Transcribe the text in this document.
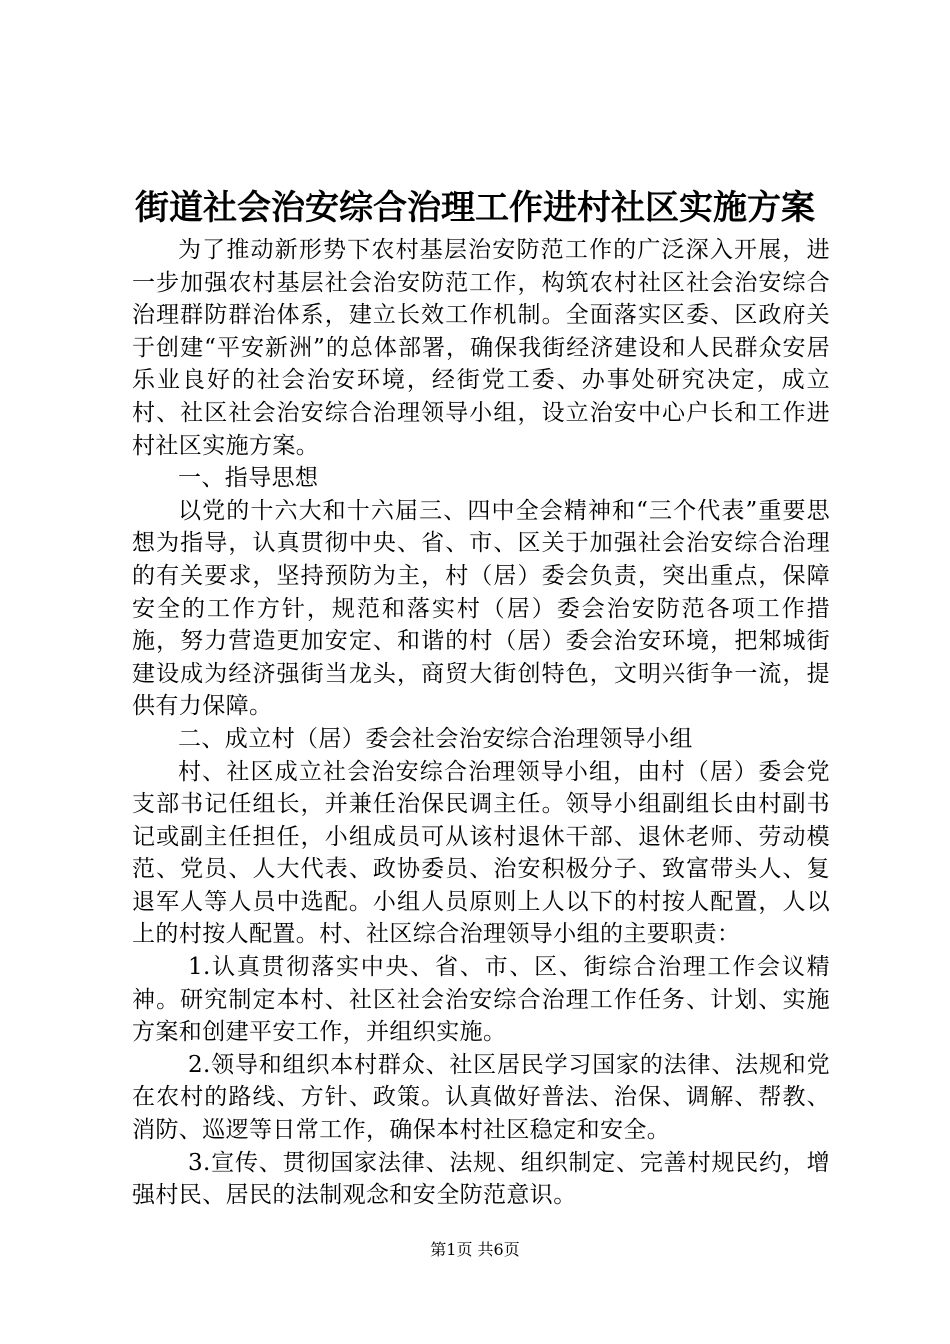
街道社会治安综合治理工作进村社区实施方案

为了推动新形势下农村基层治安防范工作的广泛深入开展，进一步加强农村基层社会治安防范工作，构筑农村社区社会治安综合治理群防群治体系，建立长效工作机制。全面落实区委、区政府关于创建“平安新洲”的总体部署，确保我街经济建设和人民群众安居乐业良好的社会治安环境，经街党工委、办事处研究决定，成立村、社区社会治安综合治理领导小组，设立治安中心户长和工作进村社区实施方案。

一、指导思想

以党的十六大和十六届三、四中全会精神和“三个代表”重要思想为指导，认真贯彻中央、省、市、区关于加强社会治安综合治理的有关要求，坚持预防为主，村（居）委会负责，突出重点，保障安全的工作方针，规范和落实村（居）委会治安防范各项工作措施，努力营造更加安定、和谐的村（居）委会治安环境，把邾城街建设成为经济强街当龙头，商贸大街创特色，文明兴街争一流，提供有力保障。

二、成立村（居）委会社会治安综合治理领导小组

村、社区成立社会治安综合治理领导小组，由村（居）委会党支部书记任组长，并兼任治保民调主任。领导小组副组长由村副书记或副主任担任，小组成员可从该村退休干部、退休老师、劳动模范、党员、人大代表、政协委员、治安积极分子、致富带头人、复退军人等人员中选配。小组人员原则上人以下的村按人配置，人以上的村按人配置。村、社区综合治理领导小组的主要职责：

1.认真贯彻落实中央、省、市、区、街综合治理工作会议精神。研究制定本村、社区社会治安综合治理工作任务、计划、实施方案和创建平安工作，并组织实施。

2.领导和组织本村群众、社区居民学习国家的法律、法规和党在农村的路线、方针、政策。认真做好普法、治保、调解、帮教、消防、巡逻等日常工作，确保本村社区稳定和安全。

3.宣传、贯彻国家法律、法规、组织制定、完善村规民约，增强村民、居民的法制观念和安全防范意识。

第1页 共6页
